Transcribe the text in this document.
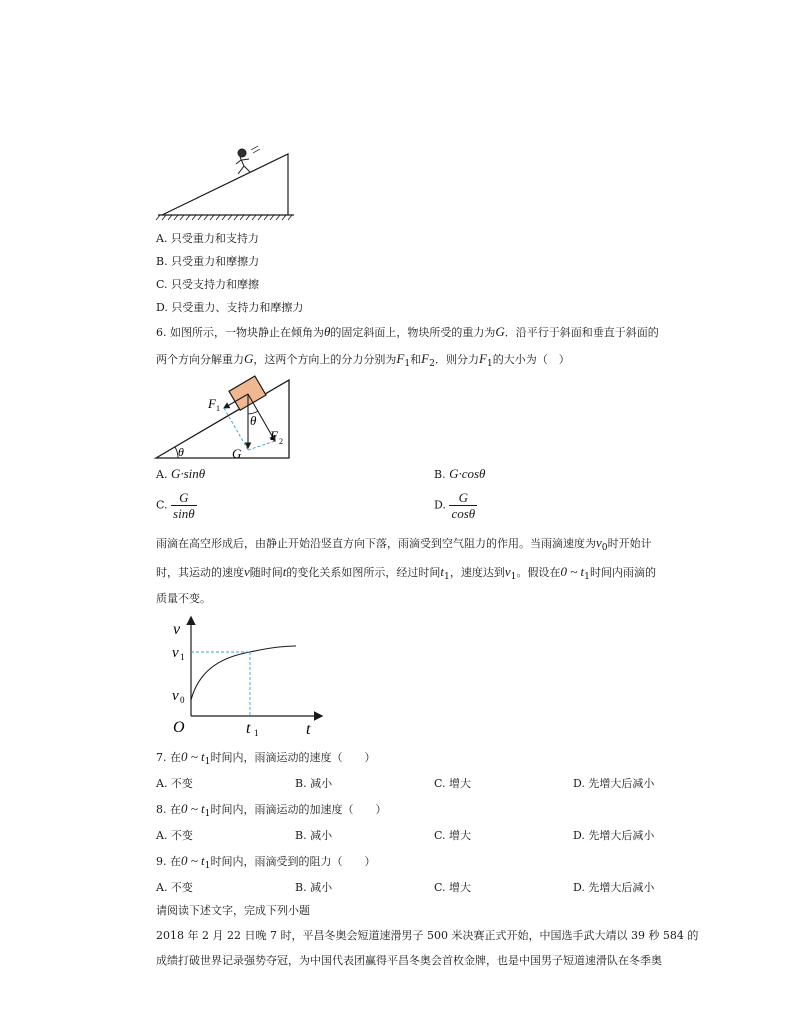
A. 只受重力和支持力
B. 只受重力和摩擦力
C. 只受支持力和摩擦
D. 只受重力、支持力和摩擦力
6. 如图所示，一物块静止在倾角为θ的固定斜面上，物块所受的重力为G．沿平行于斜面和垂直于斜面的
两个方向分解重力G，这两个方向上的分力分别为$F_1$和$F_2$．则分力$F_1$的大小为（　）
θ
θ
F 1
F 2
G
A. G·sinθ	B. G·cosθ
C. $\frac{G}{\sin\theta}$	D. $\frac{G}{\cos\theta}$
雨滴在高空形成后，由静止开始沿竖直方向下落，雨滴受到空气阻力的作用。当雨滴速度为$v_0$时开始计
时，其运动的速度v随时间t的变化关系如图所示，经过时间$t_1$，速度达到$v_1$。假设在0 ~ $t_1$时间内雨滴的
质量不变。
v
v 1
v 0
O	t 1	t
7. 在0 ~ $t_1$时间内，雨滴运动的速度（　　）
A. 不变	B. 减小	C. 增大	D. 先增大后减小
8. 在0 ~ $t_1$时间内，雨滴运动的加速度（　　）
A. 不变	B. 减小	C. 增大	D. 先增大后减小
9. 在0 ~ $t_1$时间内，雨滴受到的阻力（　　）
A. 不变	B. 减小	C. 增大	D. 先增大后减小
请阅读下述文字，完成下列小题
2018 年 2 月 22 日晚 7 时，平昌冬奥会短道速滑男子 500 米决赛正式开始，中国选手武大靖以 39 秒 584 的
成绩打破世界记录强势夺冠，为中国代表团赢得平昌冬奥会首枚金牌，也是中国男子短道速滑队在冬季奥
